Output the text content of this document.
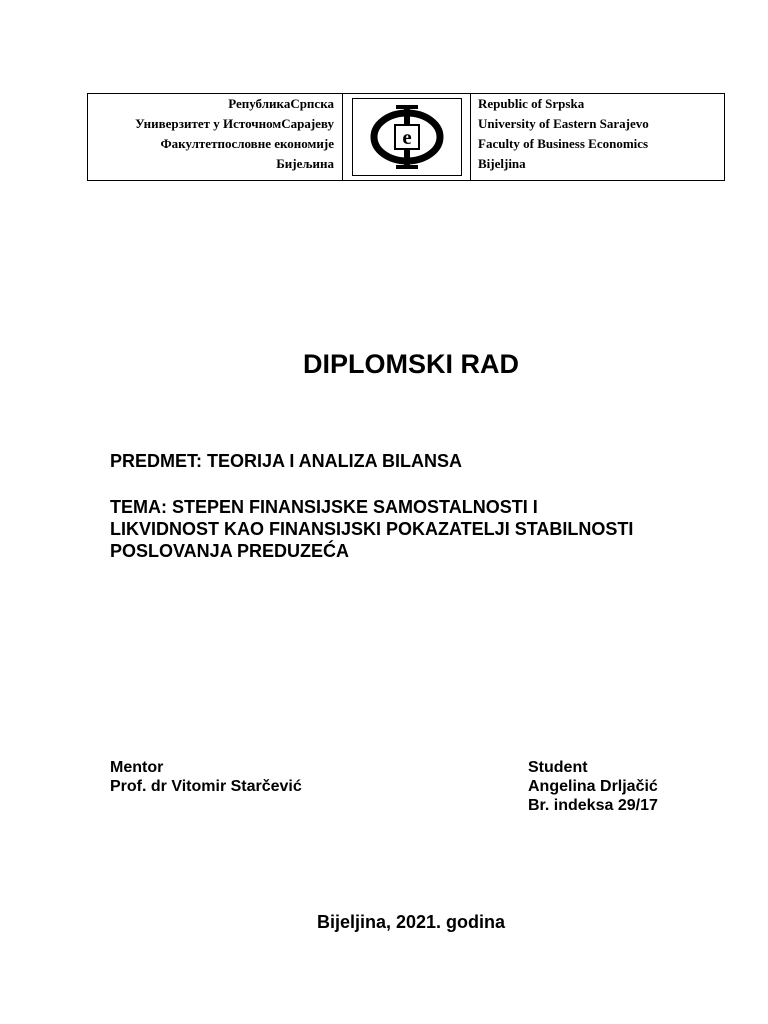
РепубликаСрпска
Универзитет у ИсточномСарајеву
Факултетпословне економије
Бијељина
e
Republic of Srpska
University of Eastern Sarajevo
Faculty of Business Economics
Bijeljina
DIPLOMSKI RAD
PREDMET: TEORIJA I ANALIZA BILANSA
TEMA: STEPEN FINANSIJSKE SAMOSTALNOSTI I
LIKVIDNOST KAO FINANSIJSKI POKAZATELJI STABILNOSTI
POSLOVANJA PREDUZEĆA
Mentor
Prof. dr Vitomir Starčević
Student
Angelina Drljačić
Br. indeksa 29/17
Bijeljina, 2021. godina
